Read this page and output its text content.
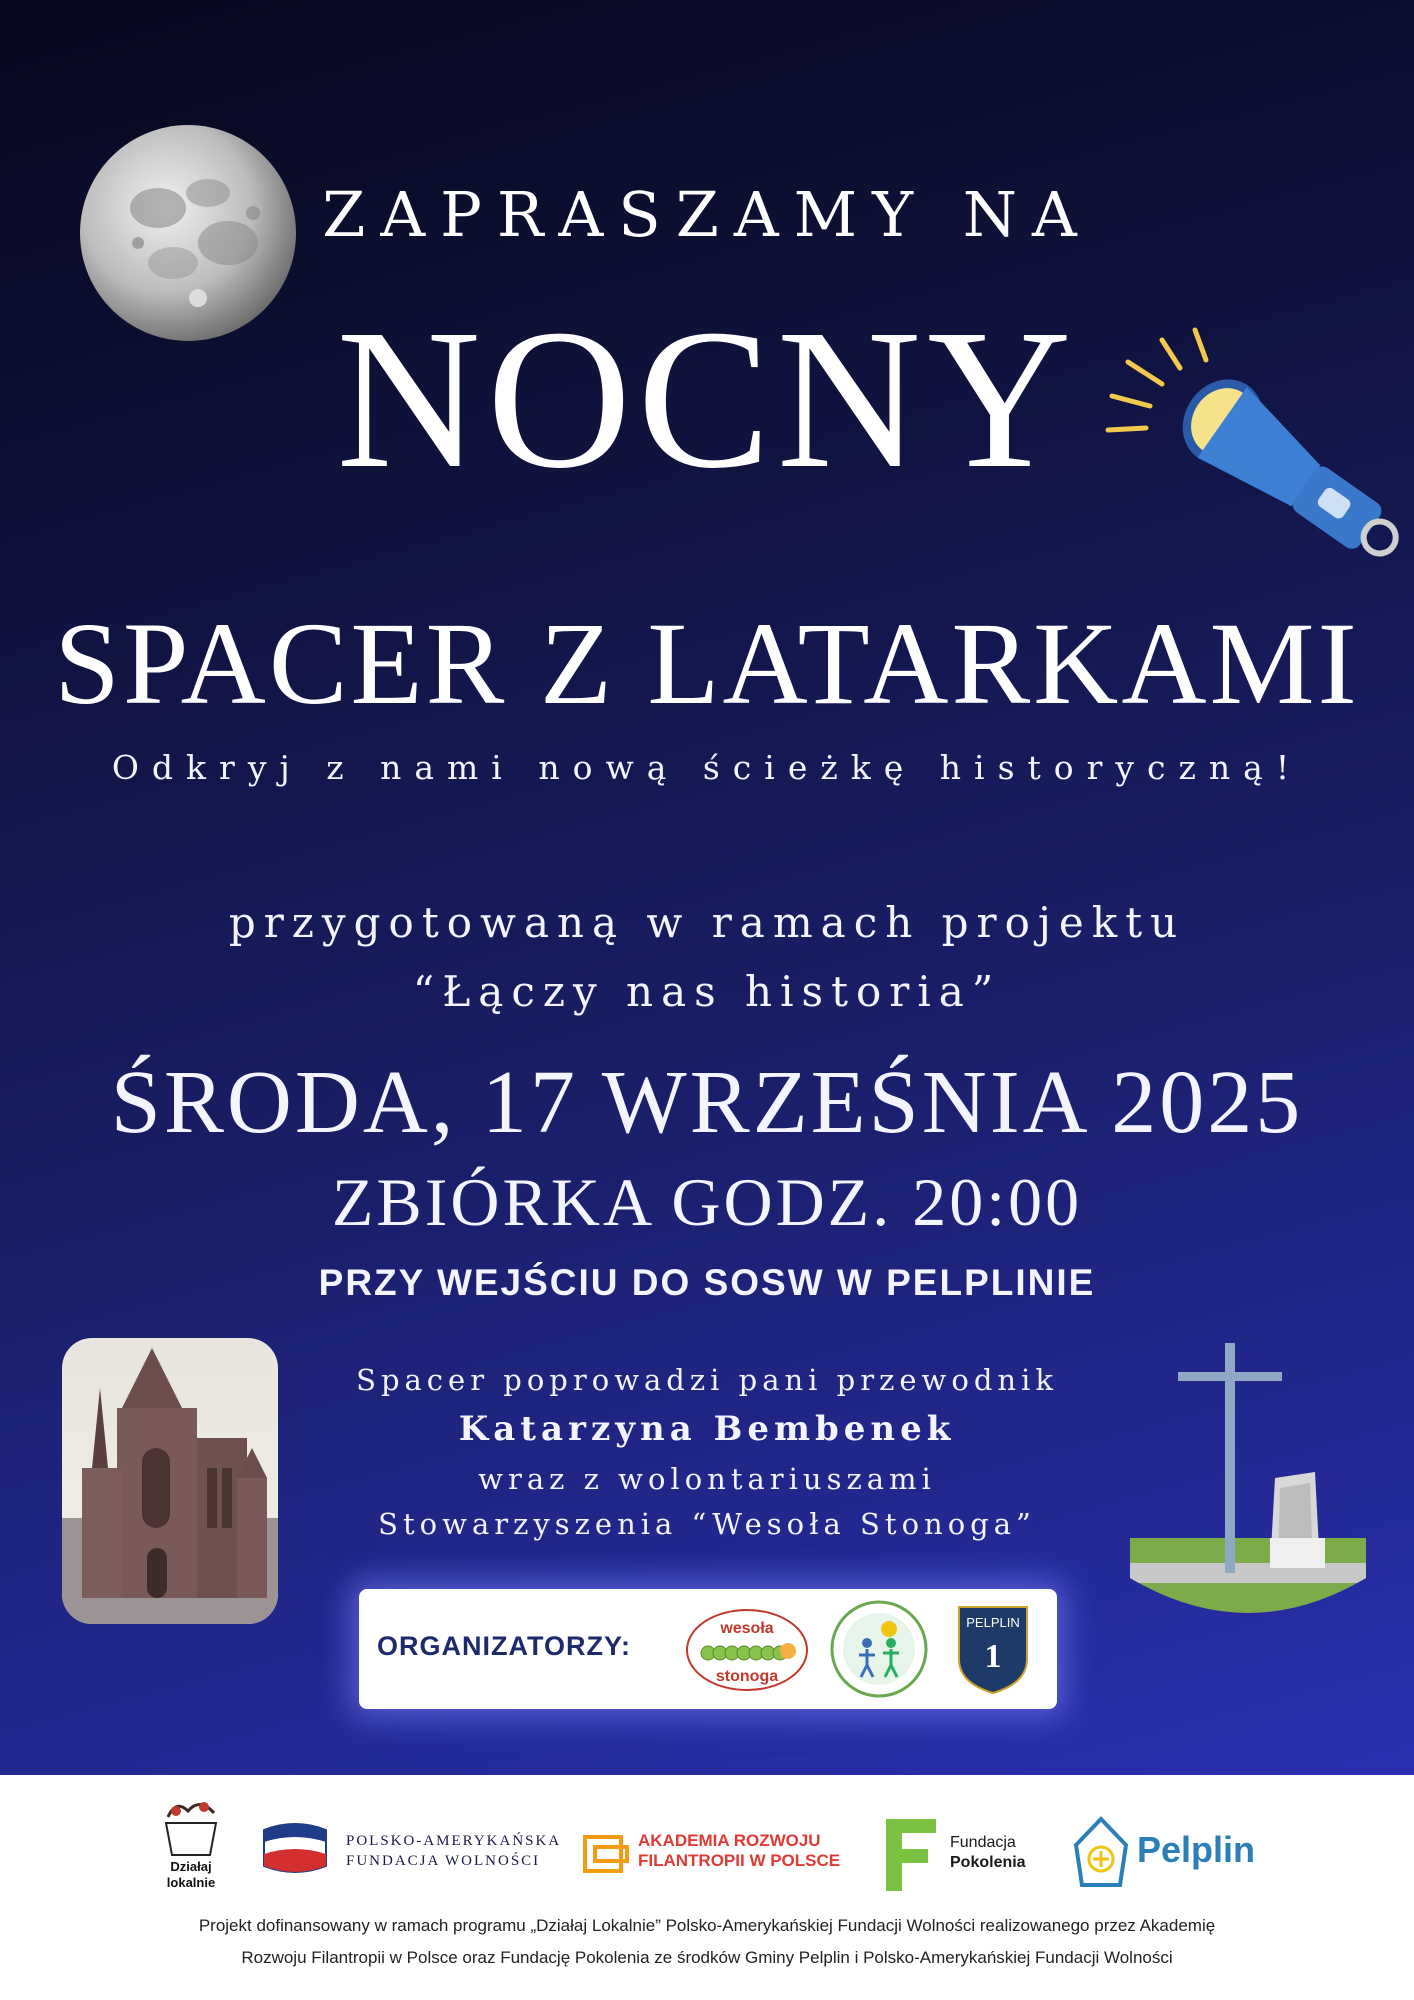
ZAPRASZAMY NA
NOCNY
SPACER Z LATARKAMI
Odkryj z nami nową ścieżkę historyczną!
przygotowaną w ramach projektu
“Łączy nas historia”
ŚRODA, 17 WRZEŚNIA 2025
ZBIÓRKA GODZ. 20:00
PRZY WEJŚCIU DO SOSW W PELPLINIE
Spacer poprowadzi pani przewodnik
Katarzyna Bembenek
wraz z wolontariuszami
Stowarzyszenia “Wesoła Stonoga”
ORGANIZATORZY:
wesoła
stonoga
PELPLIN
1
Działaj
lokalnie
POLSKO-AMERYKAŃSKA
FUNDACJA WOLNOŚCI
AKADEMIA ROZWOJU
FILANTROPII W POLSCE
Fundacja
Pokolenia	Pelplin
Projekt dofinansowany w ramach programu „Działaj Lokalnie” Polsko-Amerykańskiej Fundacji Wolności realizowanego przez Akademię
Rozwoju Filantropii w Polsce oraz Fundację Pokolenia ze środków Gminy Pelplin i Polsko-Amerykańskiej Fundacji Wolności
